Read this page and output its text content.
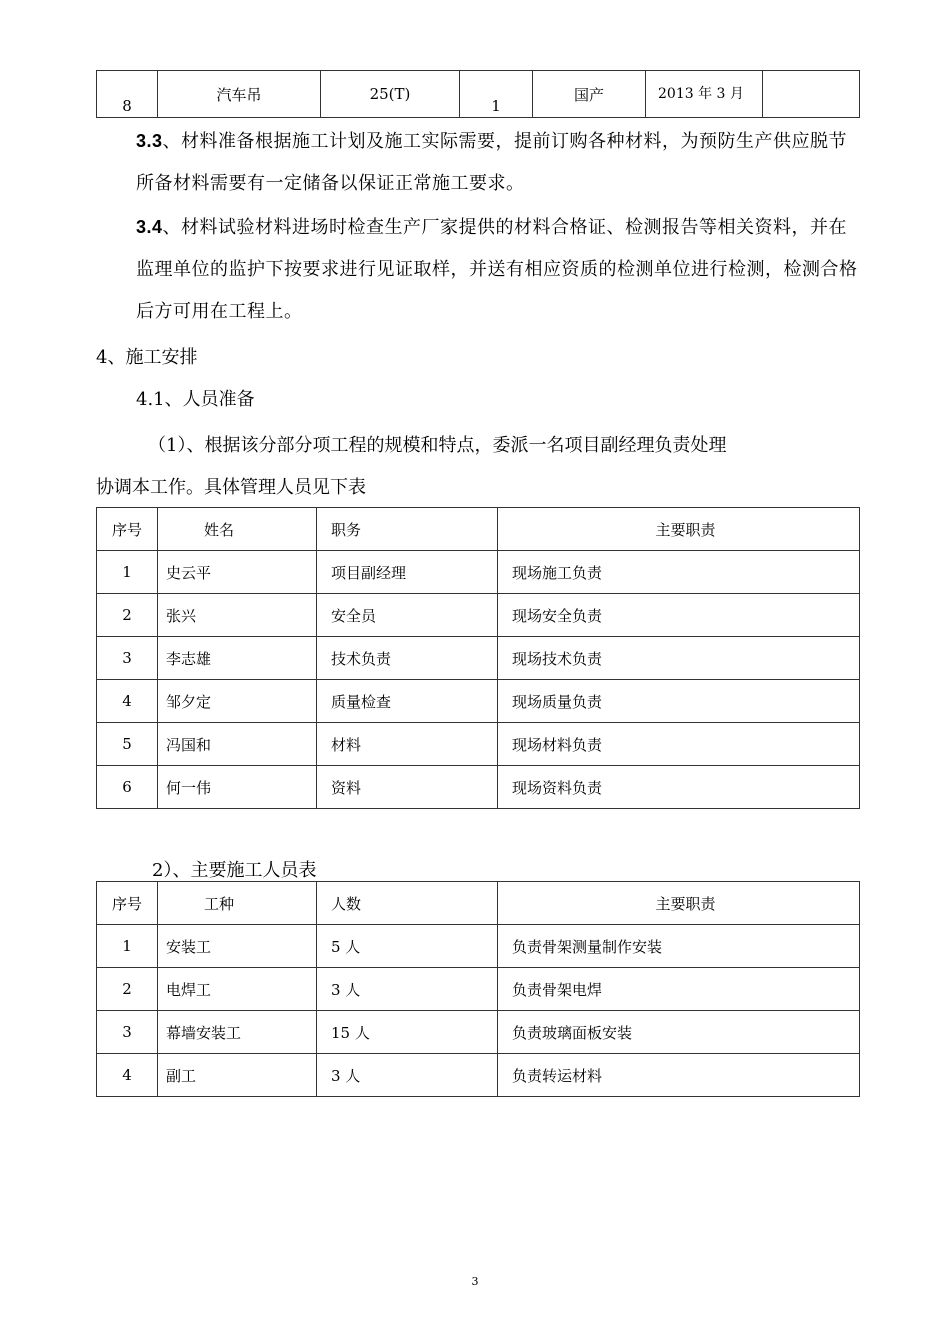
8	汽车吊	25(T)	1	国产	2013 年 3 月	
3.3、材料准备根据施工计划及施工实际需要，提前订购各种材料，为预防生产供应脱节所备材料需要有一定储备以保证正常施工要求。
3.4、材料试验材料进场时检查生产厂家提供的材料合格证、检测报告等相关资料，并在监理单位的监护下按要求进行见证取样，并送有相应资质的检测单位进行检测，检测合格后方可用在工程上。
4、施工安排
4.1、人员准备
（1）、根据该分部分项工程的规模和特点，委派一名项目副经理负责处理
协调本工作。具体管理人员见下表
序号	姓名	职务	主要职责
1	史云平	项目副经理	现场施工负责
2	张兴	安全员	现场安全负责
3	李志雄	技术负责	现场技术负责
4	邹夕定	质量检查	现场质量负责
5	冯国和	材料	现场材料负责
6	何一伟	资料	现场资料负责
2）、主要施工人员表
序号	工种	人数	主要职责
1	安装工	5 人	负责骨架测量制作安装
2	电焊工	3 人	负责骨架电焊
3	幕墙安装工	15 人	负责玻璃面板安装
4	副工	3 人	负责转运材料
3
